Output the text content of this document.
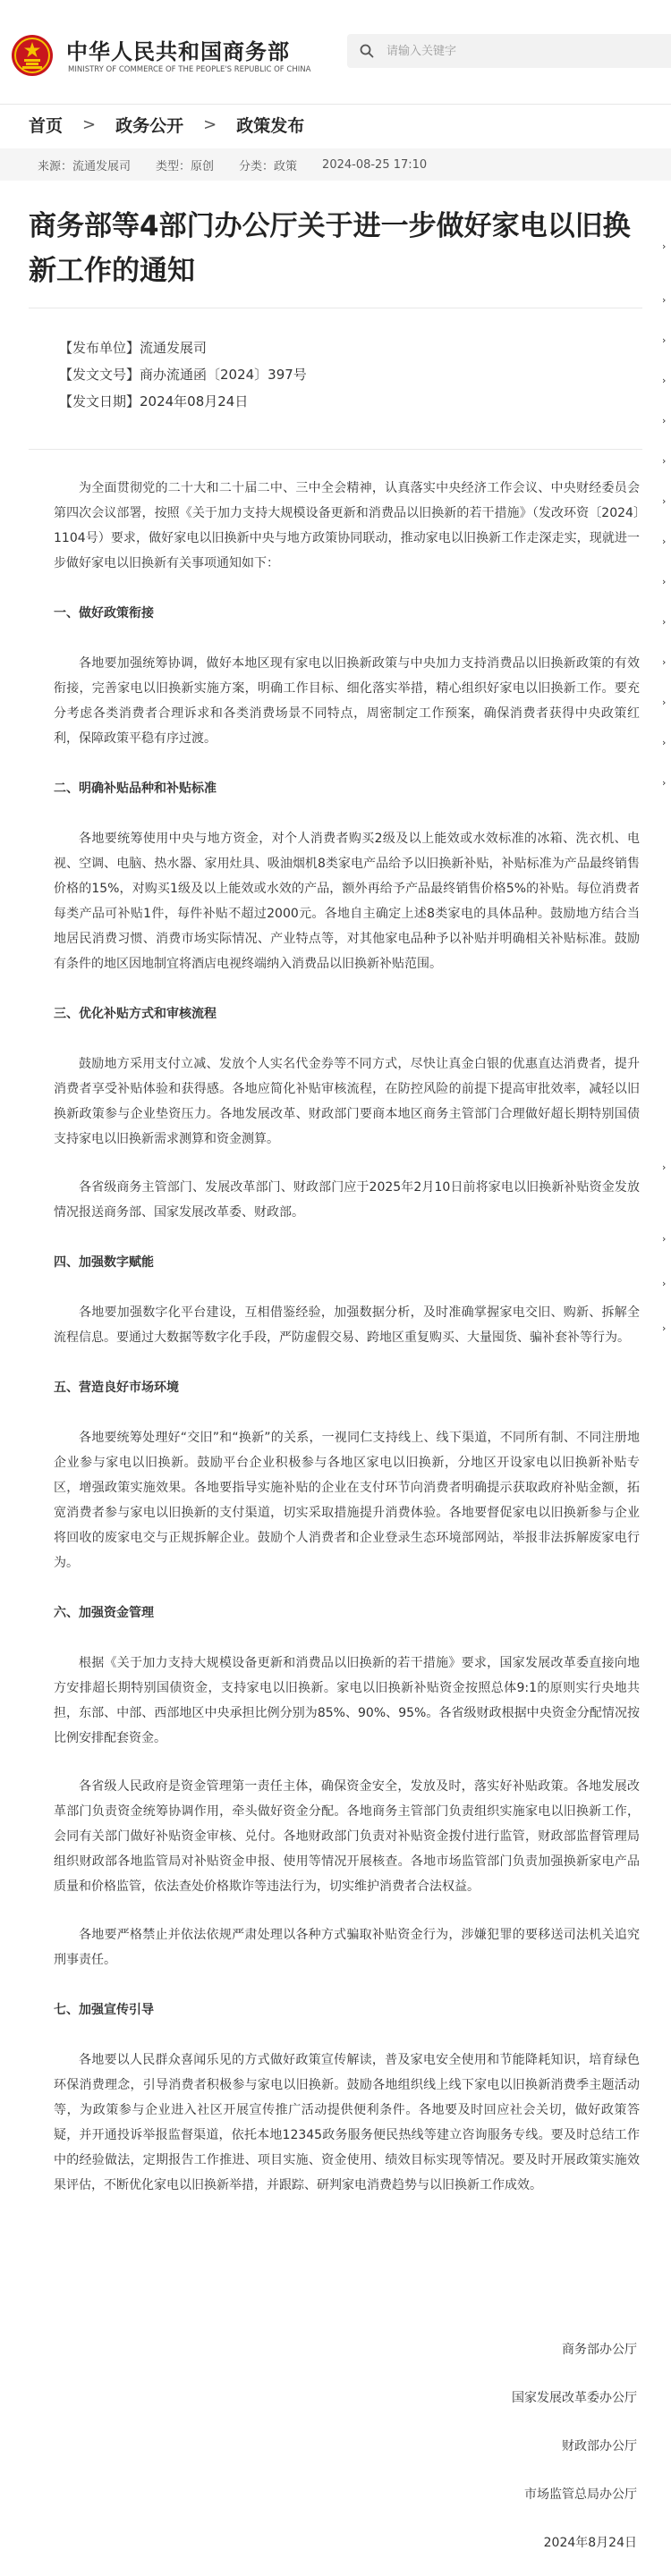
中华人民共和国商务部
MINISTRY OF COMMERCE OF THE PEOPLE'S REPUBLIC OF CHINA
请输入关键字
首页 > 政务公开 > 政策发布
来源：流通发展司 类型：原创 分类：政策 2024-08-25 17:10
商务部等4部门办公厅关于进一步做好家电以旧换新工作的通知
【发布单位】流通发展司
【发文文号】商办流通函〔2024〕397号
【发文日期】2024年08月24日

为全面贯彻党的二十大和二十届二中、三中全会精神，认真落实中央经济工作会议、中央财经委员会第四次会议部署，按照《关于加力支持大规模设备更新和消费品以旧换新的若干措施》（发改环资〔2024〕1104号）要求，做好家电以旧换新中央与地方政策协同联动，推动家电以旧换新工作走深走实，现就进一步做好家电以旧换新有关事项通知如下：

一、做好政策衔接

各地要加强统筹协调，做好本地区现有家电以旧换新政策与中央加力支持消费品以旧换新政策的有效衔接，完善家电以旧换新实施方案，明确工作目标、细化落实举措，精心组织好家电以旧换新工作。要充分考虑各类消费者合理诉求和各类消费场景不同特点，周密制定工作预案，确保消费者获得中央政策红利，保障政策平稳有序过渡。

二、明确补贴品种和补贴标准

各地要统筹使用中央与地方资金，对个人消费者购买2级及以上能效或水效标准的冰箱、洗衣机、电视、空调、电脑、热水器、家用灶具、吸油烟机8类家电产品给予以旧换新补贴，补贴标准为产品最终销售价格的15%，对购买1级及以上能效或水效的产品，额外再给予产品最终销售价格5%的补贴。每位消费者每类产品可补贴1件，每件补贴不超过2000元。各地自主确定上述8类家电的具体品种。鼓励地方结合当地居民消费习惯、消费市场实际情况、产业特点等，对其他家电品种予以补贴并明确相关补贴标准。鼓励有条件的地区因地制宜将酒店电视终端纳入消费品以旧换新补贴范围。

三、优化补贴方式和审核流程

鼓励地方采用支付立减、发放个人实名代金券等不同方式，尽快让真金白银的优惠直达消费者，提升消费者享受补贴体验和获得感。各地应简化补贴审核流程，在防控风险的前提下提高审批效率，减轻以旧换新政策参与企业垫资压力。各地发展改革、财政部门要商本地区商务主管部门合理做好超长期特别国债支持家电以旧换新需求测算和资金测算。

各省级商务主管部门、发展改革部门、财政部门应于2025年2月10日前将家电以旧换新补贴资金发放情况报送商务部、国家发展改革委、财政部。

四、加强数字赋能

各地要加强数字化平台建设，互相借鉴经验，加强数据分析，及时准确掌握家电交旧、购新、拆解全流程信息。要通过大数据等数字化手段，严防虚假交易、跨地区重复购买、大量囤货、骗补套补等行为。

五、营造良好市场环境

各地要统筹处理好“交旧”和“换新”的关系，一视同仁支持线上、线下渠道，不同所有制、不同注册地企业参与家电以旧换新。鼓励平台企业积极参与各地区家电以旧换新，分地区开设家电以旧换新补贴专区，增强政策实施效果。各地要指导实施补贴的企业在支付环节向消费者明确提示获取政府补贴金额，拓宽消费者参与家电以旧换新的支付渠道，切实采取措施提升消费体验。各地要督促家电以旧换新参与企业将回收的废家电交与正规拆解企业。鼓励个人消费者和企业登录生态环境部网站，举报非法拆解废家电行为。

六、加强资金管理

根据《关于加力支持大规模设备更新和消费品以旧换新的若干措施》要求，国家发展改革委直接向地方安排超长期特别国债资金，支持家电以旧换新。家电以旧换新补贴资金按照总体9:1的原则实行央地共担，东部、中部、西部地区中央承担比例分别为85%、90%、95%。各省级财政根据中央资金分配情况按比例安排配套资金。

各省级人民政府是资金管理第一责任主体，确保资金安全，发放及时，落实好补贴政策。各地发展改革部门负责资金统筹协调作用，牵头做好资金分配。各地商务主管部门负责组织实施家电以旧换新工作，会同有关部门做好补贴资金审核、兑付。各地财政部门负责对补贴资金拨付进行监管，财政部监督管理局组织财政部各地监管局对补贴资金申报、使用等情况开展核查。各地市场监管部门负责加强换新家电产品质量和价格监管，依法查处价格欺诈等违法行为，切实维护消费者合法权益。

各地要严格禁止并依法依规严肃处理以各种方式骗取补贴资金行为，涉嫌犯罪的要移送司法机关追究刑事责任。

七、加强宣传引导

各地要以人民群众喜闻乐见的方式做好政策宣传解读，普及家电安全使用和节能降耗知识，培育绿色环保消费理念，引导消费者积极参与家电以旧换新。鼓励各地组织线上线下家电以旧换新消费季主题活动等，为政策参与企业进入社区开展宣传推广活动提供便利条件。各地要及时回应社会关切，做好政策答疑，并开通投诉举报监督渠道，依托本地12345政务服务便民热线等建立咨询服务专线。要及时总结工作中的经验做法，定期报告工作推进、项目实施、资金使用、绩效目标实现等情况。要及时开展政策实施效果评估，不断优化家电以旧换新举措，并跟踪、研判家电消费趋势与以旧换新工作成效。

商务部办公厅
国家发展改革委办公厅
财政部办公厅
市场监管总局办公厅
2024年8月24日
›
›
›
›
›
›
›
›
›
›
›
›
›
›
›
›
›
›
